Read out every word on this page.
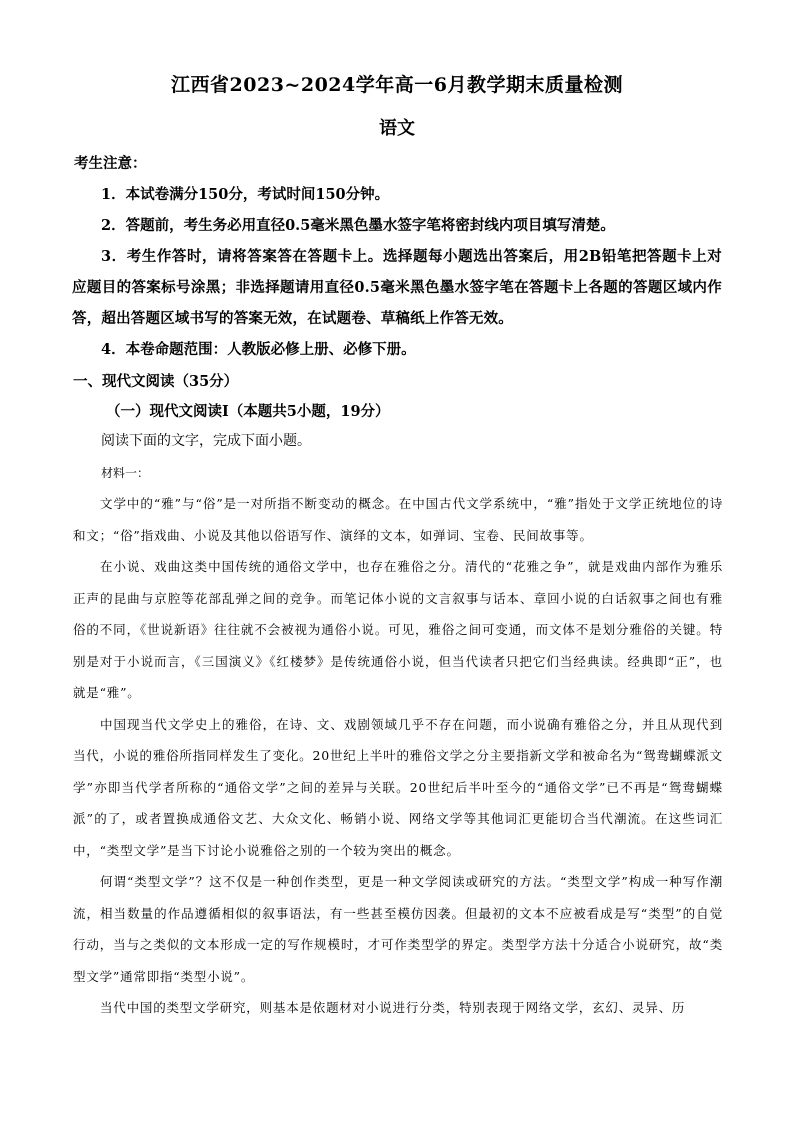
江西省2023~2024学年高一6月教学期末质量检测
语文
考生注意：
1．本试卷满分150分，考试时间150分钟。
2．答题前，考生务必用直径0.5毫米黑色墨水签字笔将密封线内项目填写清楚。
3．考生作答时，请将答案答在答题卡上。选择题每小题选出答案后，用2B铅笔把答题卡上对应题目的答案标号涂黑；非选择题请用直径0.5毫米黑色墨水签字笔在答题卡上各题的答题区域内作答，超出答题区域书写的答案无效，在试题卷、草稿纸上作答无效。
4．本卷命题范围：人教版必修上册、必修下册。
一、现代文阅读（35分）
（一）现代文阅读Ⅰ（本题共5小题，19分）
阅读下面的文字，完成下面小题。
材料一：

文学中的“雅”与“俗”是一对所指不断变动的概念。在中国古代文学系统中，“雅”指处于文学正统地位的诗和文；“俗”指戏曲、小说及其他以俗语写作、演绎的文本，如弹词、宝卷、民间故事等。

在小说、戏曲这类中国传统的通俗文学中，也存在雅俗之分。清代的“花雅之争”，就是戏曲内部作为雅乐正声的昆曲与京腔等花部乱弹之间的竞争。而笔记体小说的文言叙事与话本、章回小说的白话叙事之间也有雅俗的不同，《世说新语》往往就不会被视为通俗小说。可见，雅俗之间可变通，而文体不是划分雅俗的关键。特别是对于小说而言，《三国演义》《红楼梦》是传统通俗小说，但当代读者只把它们当经典读。经典即“正”，也就是“雅”。

中国现当代文学史上的雅俗，在诗、文、戏剧领域几乎不存在问题，而小说确有雅俗之分，并且从现代到当代，小说的雅俗所指同样发生了变化。20世纪上半叶的雅俗文学之分主要指新文学和被命名为“鸳鸯蝴蝶派文学”亦即当代学者所称的“通俗文学”之间的差异与关联。20世纪后半叶至今的“通俗文学”已不再是“鸳鸯蝴蝶派”的了，或者置换成通俗文艺、大众文化、畅销小说、网络文学等其他词汇更能切合当代潮流。在这些词汇中，“类型文学”是当下讨论小说雅俗之别的一个较为突出的概念。

何谓“类型文学”？这不仅是一种创作类型，更是一种文学阅读或研究的方法。“类型文学”构成一种写作潮流，相当数量的作品遵循相似的叙事语法，有一些甚至模仿因袭。但最初的文本不应被看成是写“类型”的自觉行动，当与之类似的文本形成一定的写作规模时，才可作类型学的界定。类型学方法十分适合小说研究，故“类型文学”通常即指“类型小说”。

当代中国的类型文学研究，则基本是依题材对小说进行分类，特别表现于网络文学，玄幻、灵异、历
